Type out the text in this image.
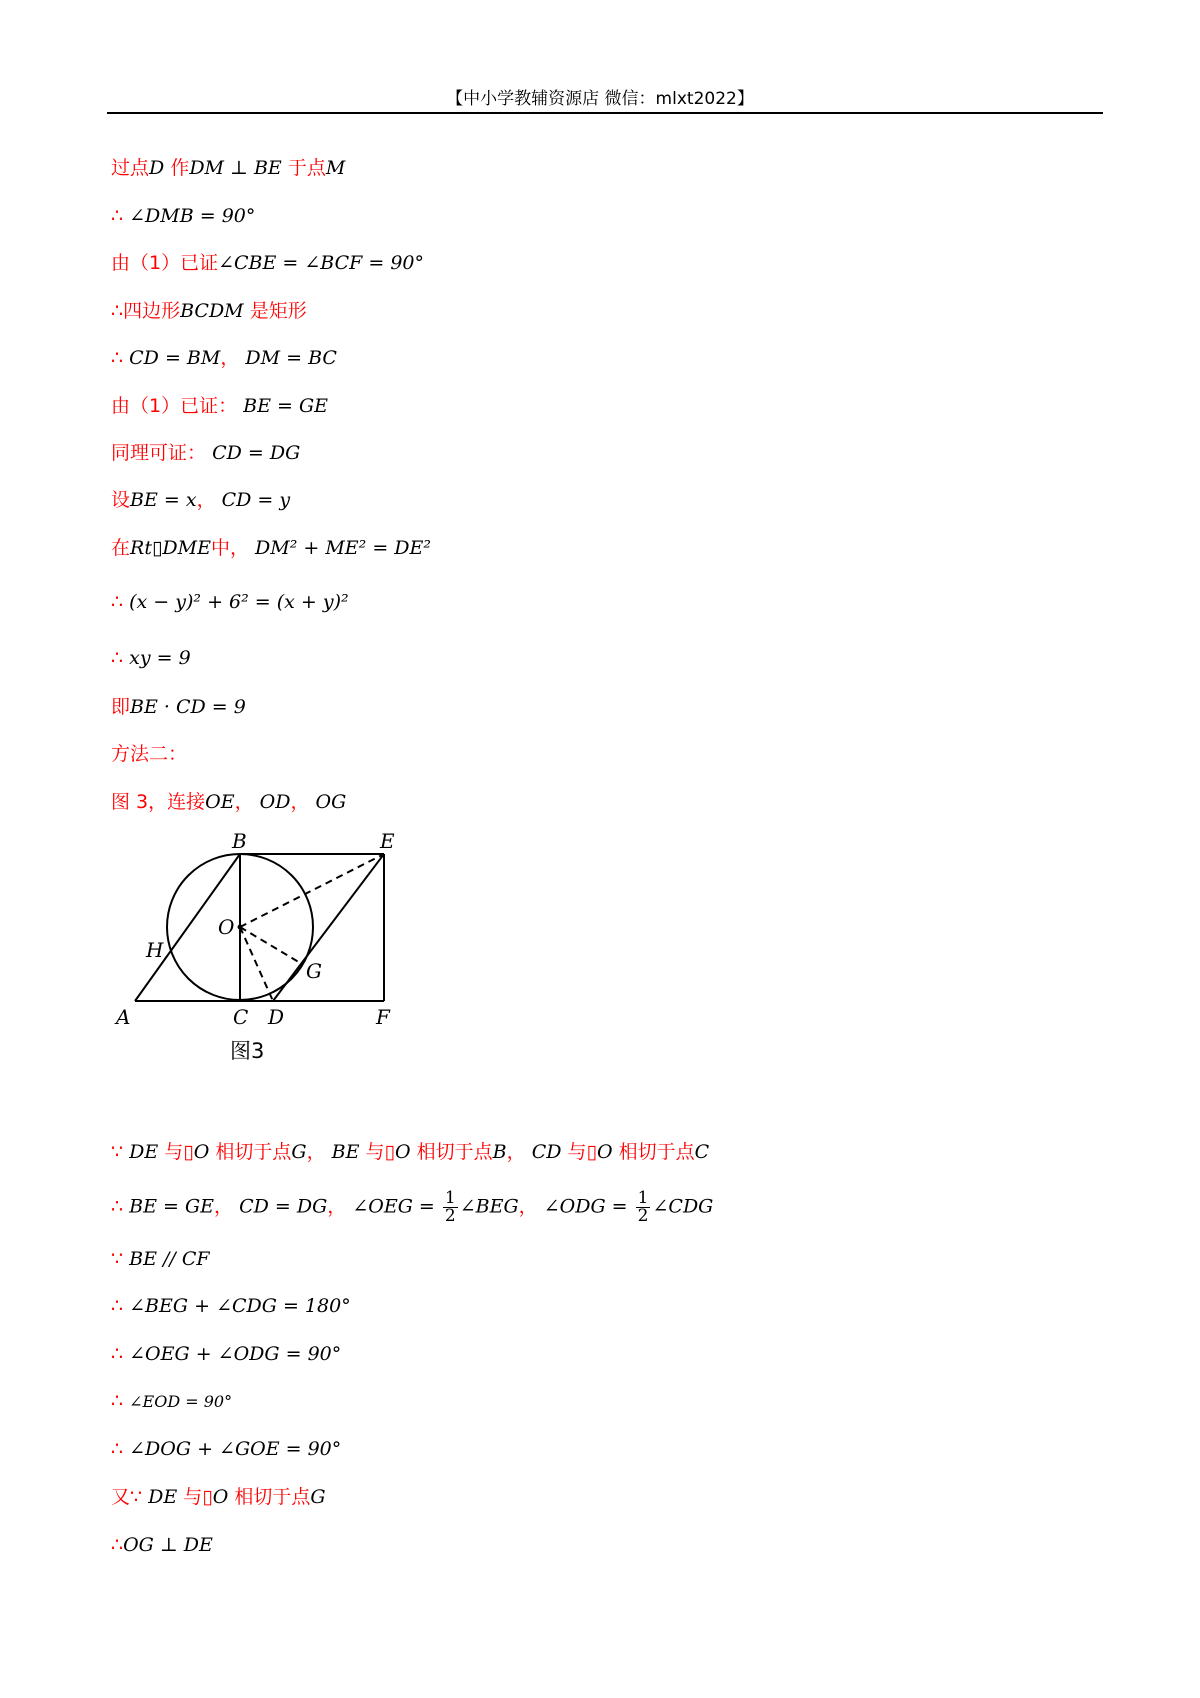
【中小学教辅资源店 微信：mlxt2022】
过点D 作DM ⊥ BE 于点M
∴ ∠DMB = 90°
由（1）已证∠CBE = ∠BCF = 90°
∴四边形BCDM 是矩形
∴ CD = BM， DM = BC
由（1）已证： BE = GE
同理可证： CD = DG
设BE = x， CD = y
在Rt▯DME中， DM² + ME² = DE²
∴ (x − y)² + 6² = (x + y)²
∴ xy = 9
即BE · CD = 9
方法二：
图 3，连接OE， OD， OG
B	E
O
H
G
A	C D	F
图3
∵ DE 与▯O 相切于点G， BE 与▯O 相切于点B， CD 与▯O 相切于点C
∴ BE = GE， CD = DG， ∠OEG = $\frac{1}{2}$ ∠BEG， ∠ODG = $\frac{1}{2}$ ∠CDG
∵ BE // CF
∴ ∠BEG + ∠CDG = 180°
∴ ∠OEG + ∠ODG = 90°
∴ ∠EOD = 90°
∴ ∠DOG + ∠GOE = 90°
又∵ DE 与▯O 相切于点G
∴OG ⊥ DE
